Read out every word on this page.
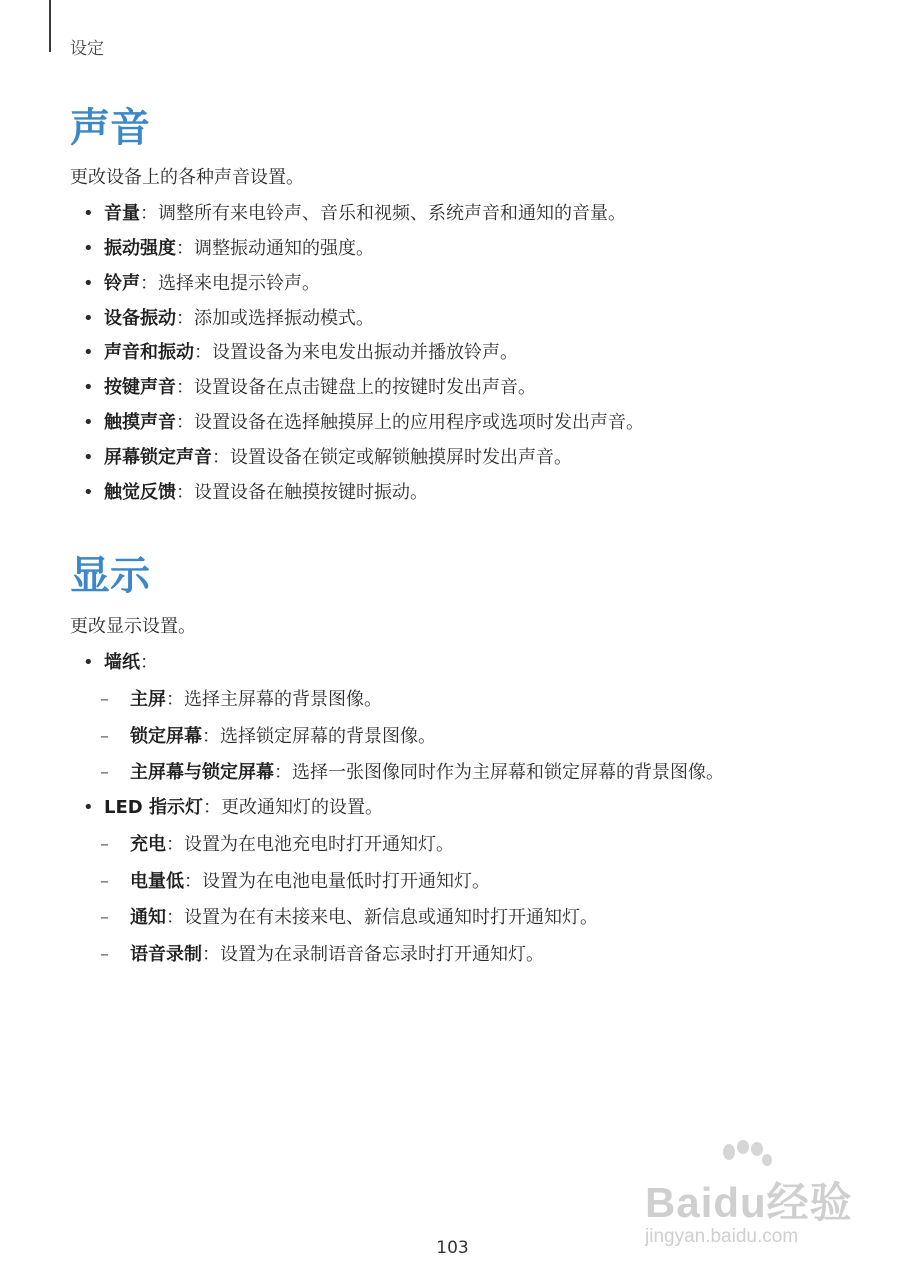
设定
声音

更改设备上的各种声音设置。

• 音量：调整所有来电铃声、音乐和视频、系统声音和通知的音量。
• 振动强度：调整振动通知的强度。
• 铃声：选择来电提示铃声。
• 设备振动：添加或选择振动模式。
• 声音和振动：设置设备为来电发出振动并播放铃声。
• 按键声音：设置设备在点击键盘上的按键时发出声音。
• 触摸声音：设置设备在选择触摸屏上的应用程序或选项时发出声音。
• 屏幕锁定声音：设置设备在锁定或解锁触摸屏时发出声音。
• 触觉反馈：设置设备在触摸按键时振动。
显示

更改显示设置。

• 墙纸：
– 主屏：选择主屏幕的背景图像。
– 锁定屏幕：选择锁定屏幕的背景图像。
– 主屏幕与锁定屏幕：选择一张图像同时作为主屏幕和锁定屏幕的背景图像。
• LED 指示灯：更改通知灯的设置。
– 充电：设置为在电池充电时打开通知灯。
– 电量低：设置为在电池电量低时打开通知灯。
– 通知：设置为在有未接来电、新信息或通知时打开通知灯。
– 语音录制：设置为在录制语音备忘录时打开通知灯。
Baidu经验
jingyan.baidu.com
103
